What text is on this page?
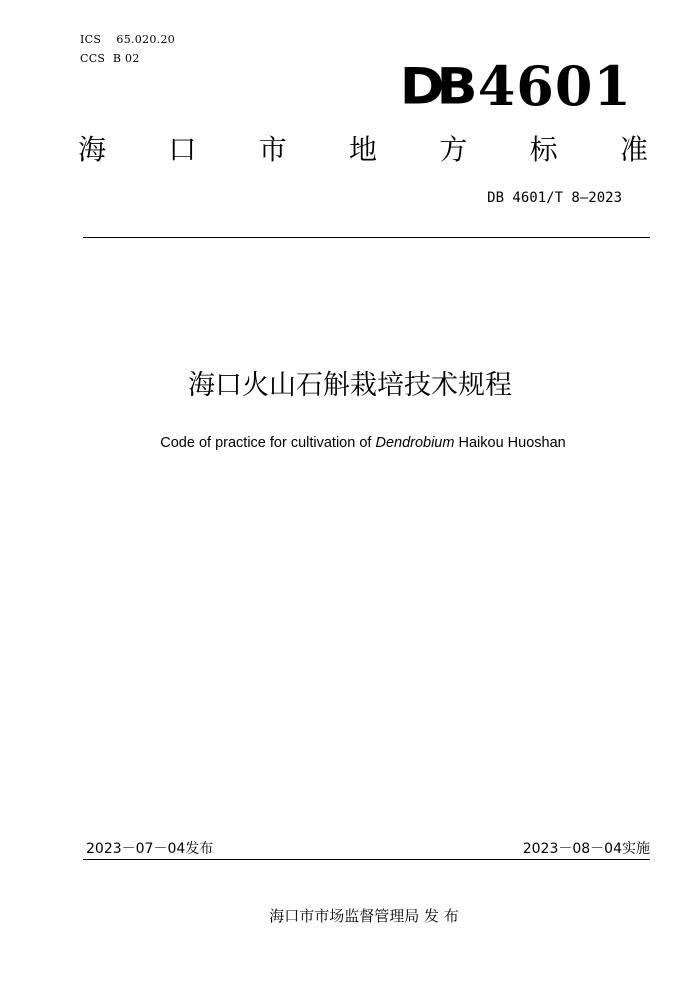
ICS 65.020.20
CCS B 02	DB 4601
海 口 市 地 方 标 准
DB 4601/T 8—2023
海口火山石斛栽培技术规程
Code of practice for cultivation of Dendrobium Haikou Huoshan
2023－07－04发布	2023－08－04实施
海口市市场监督管理局 发 布
